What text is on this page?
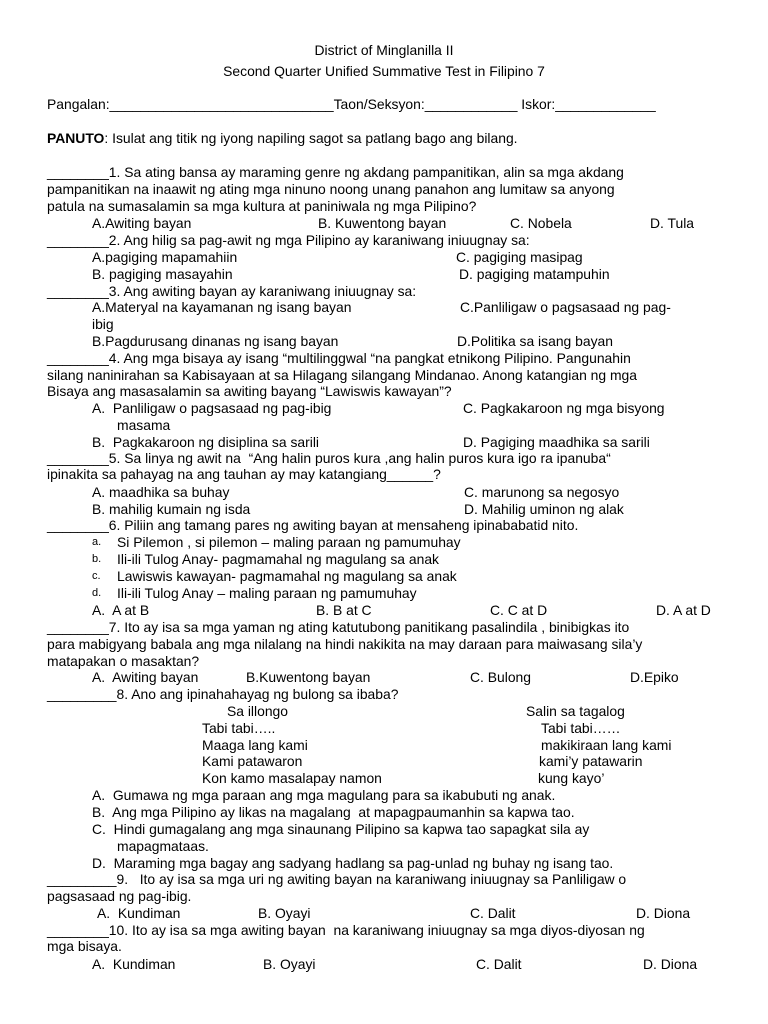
District of Minglanilla II
Second Quarter Unified Summative Test in Filipino 7
Pangalan:_____________________________Taon/Seksyon:____________ Iskor:_____________
PANUTO: Isulat ang titik ng iyong napiling sagot sa patlang bago ang bilang.
________1. Sa ating bansa ay maraming genre ng akdang pampanitikan, alin sa mga akdang
pampanitikan na inaawit ng ating mga ninuno noong unang panahon ang lumitaw sa anyong
patula na sumasalamin sa mga kultura at paniniwala ng mga Pilipino?
A.Awiting bayan	B. Kuwentong bayan	C. Nobela	D. Tula
________2. Ang hilig sa pag-awit ng mga Pilipino ay karaniwang iniuugnay sa:
A.pagiging mapamahiin	C. pagiging masipag
B. pagiging masayahin	D. pagiging matampuhin
________3. Ang awiting bayan ay karaniwang iniuugnay sa:
A.Materyal na kayamanan ng isang bayan	C.Panliligaw o pagsasaad ng pag-
ibig
B.Pagdurusang dinanas ng isang bayan	D.Politika sa isang bayan
________4. Ang mga bisaya ay isang “multilinggwal “na pangkat etnikong Pilipino. Pangunahin
silang naninirahan sa Kabisayaan at sa Hilagang silangang Mindanao. Anong katangian ng mga
Bisaya ang masasalamin sa awiting bayang “Lawiswis kawayan”?
A.  Panliligaw o pagsasaad ng pag-ibig	C. Pagkakaroon ng mga bisyong
masama
B.  Pagkakaroon ng disiplina sa sarili	D. Pagiging maadhika sa sarili
________5. Sa linya ng awit na  “Ang halin puros kura ,ang halin puros kura igo ra ipanuba“
ipinakita sa pahayag na ang tauhan ay may katangiang______?
A. maadhika sa buhay	C. marunong sa negosyo
B. mahilig kumain ng isda	D. Mahilig uminon ng alak
________6. Piliin ang tamang pares ng awiting bayan at mensaheng ipinababatid nito.
a. Si Pilemon , si pilemon – maling paraan ng pamumuhay
b. Ili-ili Tulog Anay- pagmamahal ng magulang sa anak
c. Lawiswis kawayan- pagmamahal ng magulang sa anak
d. Ili-ili Tulog Anay – maling paraan ng pamumuhay
A.  A at B	B. B at C	C. C at D	D. A at D
________7. Ito ay isa sa mga yaman ng ating katutubong panitikang pasalindila , binibigkas ito
para mabigyang babala ang mga nilalang na hindi nakikita na may daraan para maiwasang sila’y
matapakan o masaktan?
A.  Awiting bayan	B.Kuwentong bayan	C. Bulong	D.Epiko
_________8. Ano ang ipinahahayag ng bulong sa ibaba?
Sa illongo	Salin sa tagalog
Tabi tabi…..	Tabi tabi……
Maaga lang kami	makikiraan lang kami
Kami patawaron	kami’y patawarin
Kon kamo masalapay namon	kung kayo’
A.  Gumawa ng mga paraan ang mga magulang para sa ikabubuti ng anak.
B.  Ang mga Pilipino ay likas na magalang  at mapagpaumanhin sa kapwa tao.
C.  Hindi gumagalang ang mga sinaunang Pilipino sa kapwa tao sapagkat sila ay
mapagmataas.
D.  Maraming mga bagay ang sadyang hadlang sa pag-unlad ng buhay ng isang tao.
_________9.   Ito ay isa sa mga uri ng awiting bayan na karaniwang iniuugnay sa Panliligaw o
pagsasaad ng pag-ibig.
A.  Kundiman	B. Oyayi	C. Dalit	D. Diona
________10. Ito ay isa sa mga awiting bayan  na karaniwang iniuugnay sa mga diyos-diyosan ng
mga bisaya.
A.  Kundiman	B. Oyayi	C. Dalit	D. Diona
